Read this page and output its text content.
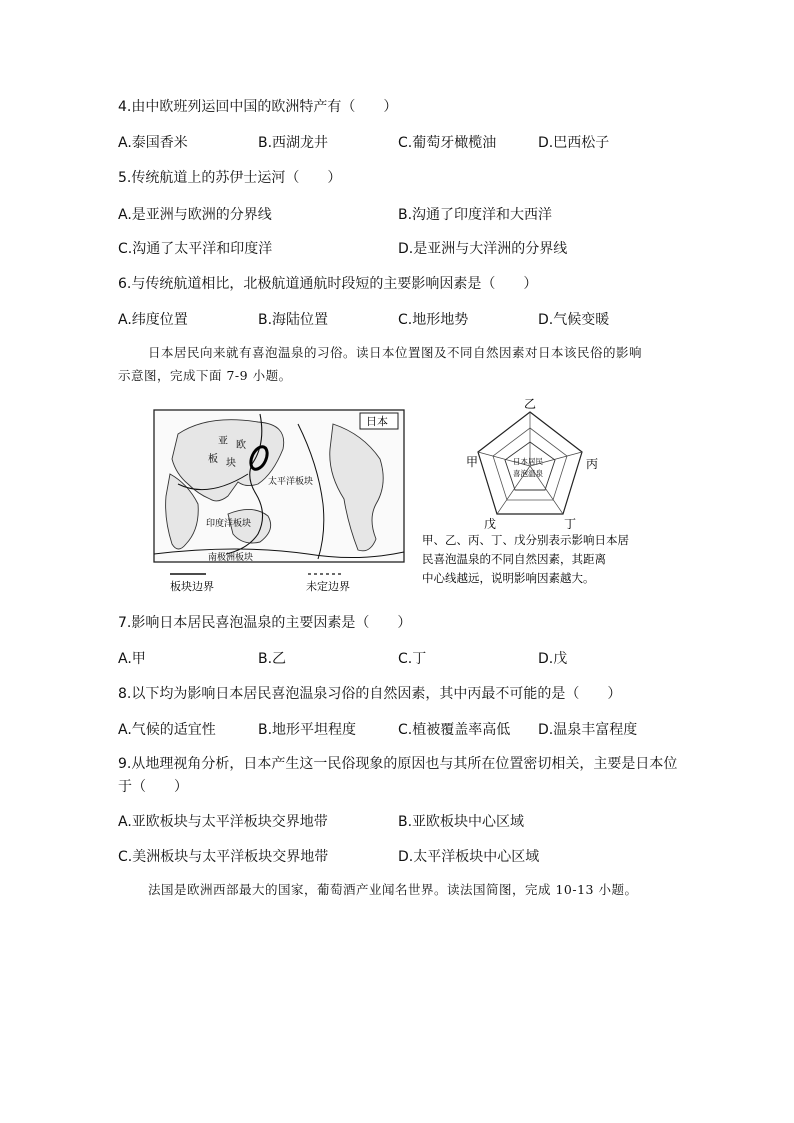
4.由中欧班列运回中国的欧洲特产有（　　）
A.泰国香米	B.西湖龙井	C.葡萄牙橄榄油	D.巴西松子
5.传统航道上的苏伊士运河（　　）
A.是亚洲与欧洲的分界线	B.沟通了印度洋和大西洋
C.沟通了太平洋和印度洋	D.是亚洲与大洋洲的分界线
6.与传统航道相比，北极航道通航时段短的主要影响因素是（　　）
A.纬度位置	B.海陆位置	C.地形地势	D.气候变暖
日本居民向来就有喜泡温泉的习俗。读日本位置图及不同自然因素对日本该民俗的影响
示意图，完成下面 7-9 小题。
日本
亚 欧
板 块
太平洋板块
印度洋板块
南极洲板块
板块边界	未定边界
乙
丙
丁
戊
甲	日本居民
喜泡温泉
甲、乙、丙、丁、戊分别表示影响日本居
民喜泡温泉的不同自然因素，其距离
中心线越远，说明影响因素越大。
7.影响日本居民喜泡温泉的主要因素是（　　）
A.甲	B.乙	C.丁	D.戊
8.以下均为影响日本居民喜泡温泉习俗的自然因素，其中丙最不可能的是（　　）
A.气候的适宜性	B.地形平坦程度	C.植被覆盖率高低 D.温泉丰富程度
9.从地理视角分析，日本产生这一民俗现象的原因也与其所在位置密切相关，主要是日本位
于（　　）
A.亚欧板块与太平洋板块交界地带	B.亚欧板块中心区域
C.美洲板块与太平洋板块交界地带	D.太平洋板块中心区域
法国是欧洲西部最大的国家，葡萄酒产业闻名世界。读法国简图，完成 10-13 小题。
